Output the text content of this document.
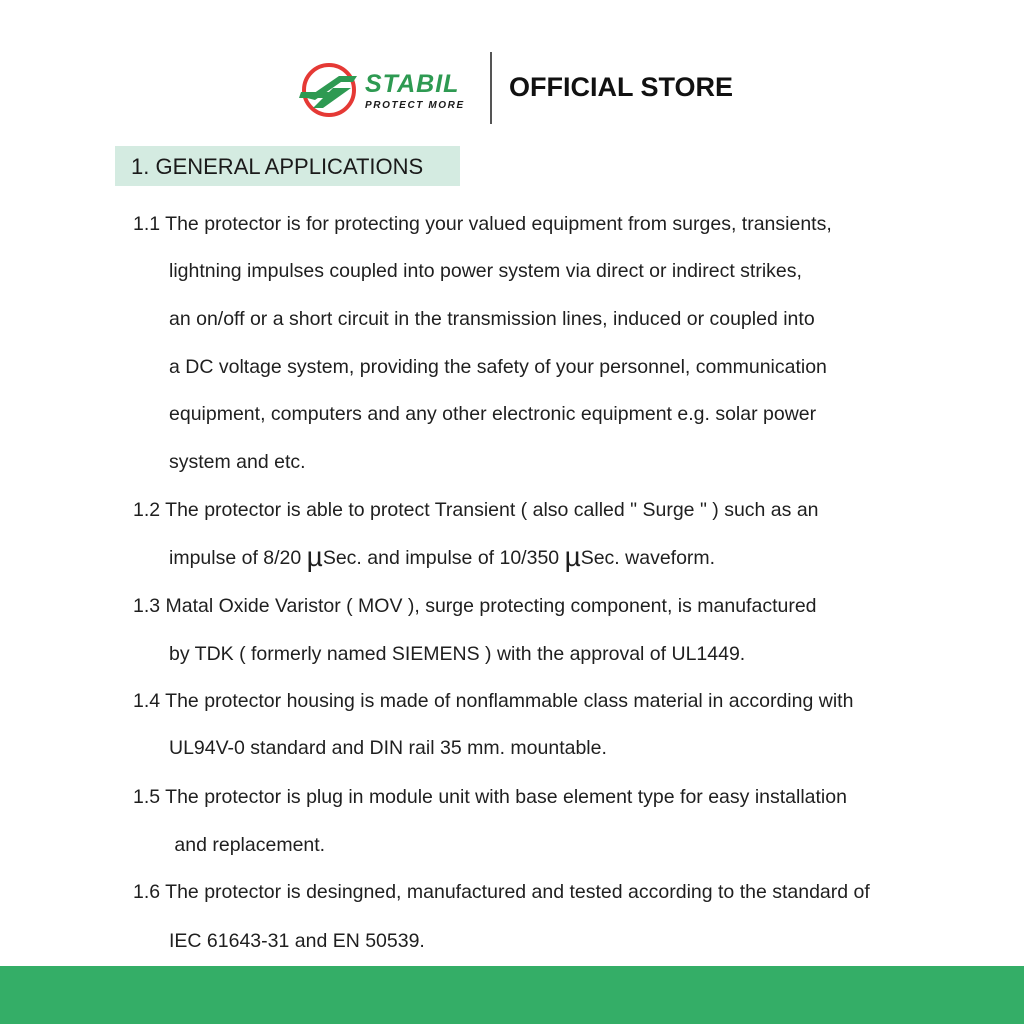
STABIL
PROTECT MORE
OFFICIAL STORE
1. GENERAL APPLICATIONS
1.1 The protector is for protecting your valued equipment from surges, transients,
lightning impulses coupled into power system via direct or indirect strikes,
an on/off or a short circuit in the transmission lines, induced or coupled into
a DC voltage system, providing the safety of your personnel, communication
equipment, computers and any other electronic equipment e.g. solar power
system and etc.
1.2 The protector is able to protect Transient ( also called " Surge " ) such as an
impulse of 8/20 µSec. and impulse of 10/350 µSec. waveform.
1.3 Matal Oxide Varistor ( MOV ), surge protecting component, is manufactured
by TDK ( formerly named SIEMENS ) with the approval of UL1449.
1.4 The protector housing is made of nonflammable class material in according with
UL94V-0 standard and DIN rail 35 mm. mountable.
1.5 The protector is plug in module unit with base element type for easy installation
and replacement.
1.6 The protector is desingned, manufactured and tested according to the standard of
IEC 61643-31 and EN 50539.
